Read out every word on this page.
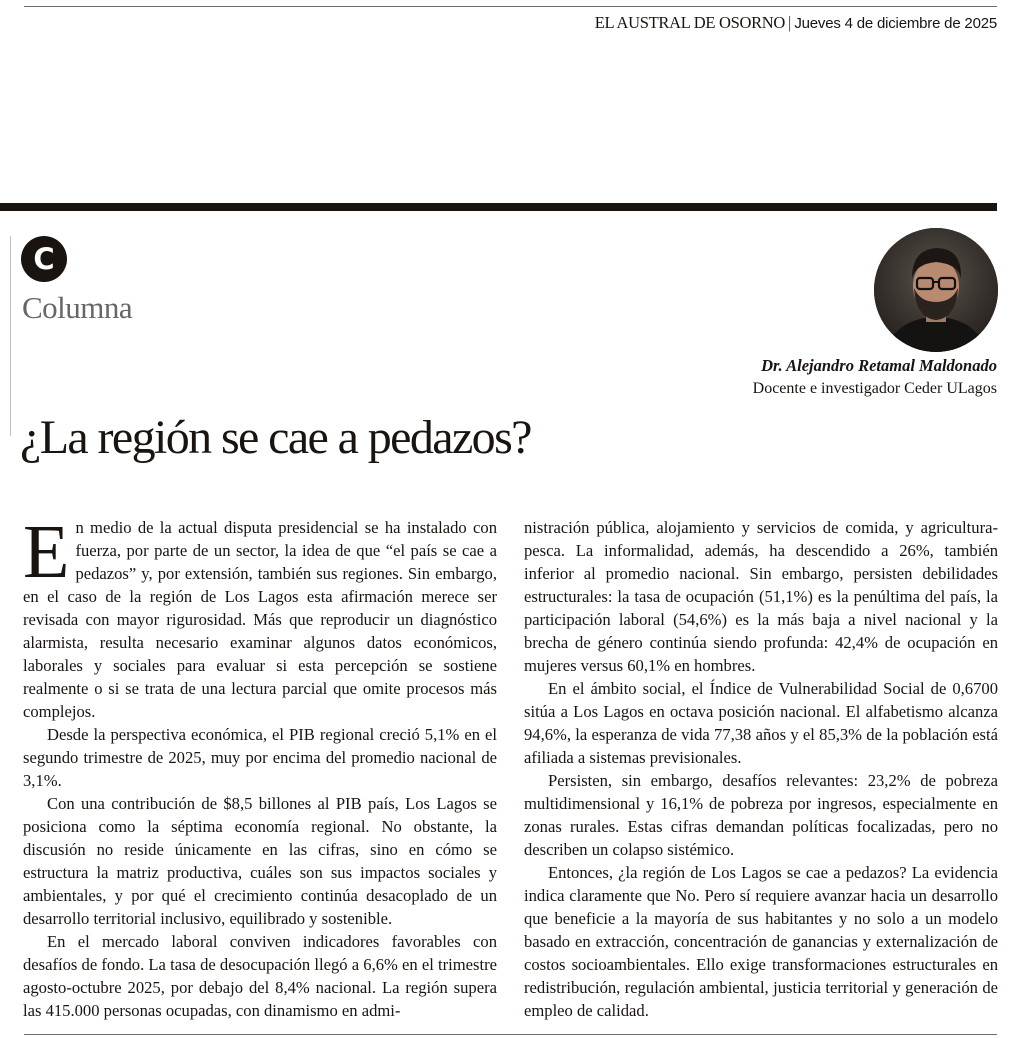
EL AUSTRAL DE OSORNO | Jueves 4 de diciembre de 2025
C
Columna
Dr. Alejandro Retamal Maldonado
Docente e investigador Ceder ULagos
¿La región se cae a pedazos?

En medio de la actual disputa presidencial se ha instalado con fuerza, por parte de un sector, la idea de que “el país se cae a pedazos” y, por extensión, también sus regiones. Sin embargo, en el caso de la región de Los Lagos esta afirmación merece ser revisada con mayor rigurosidad. Más que reproducir un diagnóstico alarmista, resulta necesario examinar algunos datos económicos, laborales y sociales para evaluar si esta percepción se sostiene realmente o si se trata de una lectura parcial que omite procesos más complejos.

Desde la perspectiva económica, el PIB regional creció 5,1% en el segundo trimestre de 2025, muy por encima del promedio nacional de 3,1%.

Con una contribución de $8,5 billones al PIB país, Los Lagos se posiciona como la séptima economía regional. No obstante, la discusión no reside únicamente en las cifras, sino en cómo se estructura la matriz productiva, cuáles son sus impactos sociales y ambientales, y por qué el crecimiento continúa desacoplado de un desarrollo territorial inclusivo, equilibrado y sostenible.

En el mercado laboral conviven indicadores favorables con desafíos de fondo. La tasa de desocupación llegó a 6,6% en el trimestre agosto-octubre 2025, por debajo del 8,4% nacional. La región supera las 415.000 personas ocupadas, con dinamismo en admi-

nistración pública, alojamiento y servicios de comida, y agricultura-pesca. La informalidad, además, ha descendido a 26%, también inferior al promedio nacional. Sin embargo, persisten debilidades estructurales: la tasa de ocupación (51,1%) es la penúltima del país, la participación laboral (54,6%) es la más baja a nivel nacional y la brecha de género continúa siendo profunda: 42,4% de ocupación en mujeres versus 60,1% en hombres.

En el ámbito social, el Índice de Vulnerabilidad Social de 0,6700 sitúa a Los Lagos en octava posición nacional. El alfabetismo alcanza 94,6%, la esperanza de vida 77,38 años y el 85,3% de la población está afiliada a sistemas previsionales.

Persisten, sin embargo, desafíos relevantes: 23,2% de pobreza multidimensional y 16,1% de pobreza por ingresos, especialmente en zonas rurales. Estas cifras demandan políticas focalizadas, pero no describen un colapso sistémico.

Entonces, ¿la región de Los Lagos se cae a pedazos? La evidencia indica claramente que No. Pero sí requiere avanzar hacia un desarrollo que beneficie a la mayoría de sus habitantes y no solo a un modelo basado en extracción, concentración de ganancias y externalización de costos socioambientales. Ello exige transformaciones estructurales en redistribución, regulación ambiental, justicia territorial y generación de empleo de calidad.
